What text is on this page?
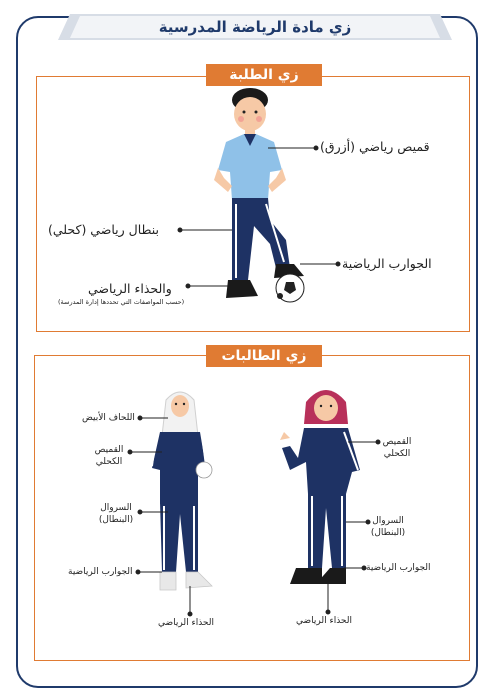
زي مادة الرياضة المدرسية
زي الطلبة
زي الطالبات
قميص رياضي (أزرق)
بنطال رياضي (كحلي)
الجوارب الرياضية
والحذاء الرياضي
(حسب المواصفات التي تحددها إدارة المدرسة)
اللحاف الأبيض
القميص
الكحلي
السروال
(البنطال)
الجوارب الرياضية
الحذاء الرياضي
القميص
الكحلي
السروال
(البنطال)
الجوارب الرياضية
الحذاء الرياضي
